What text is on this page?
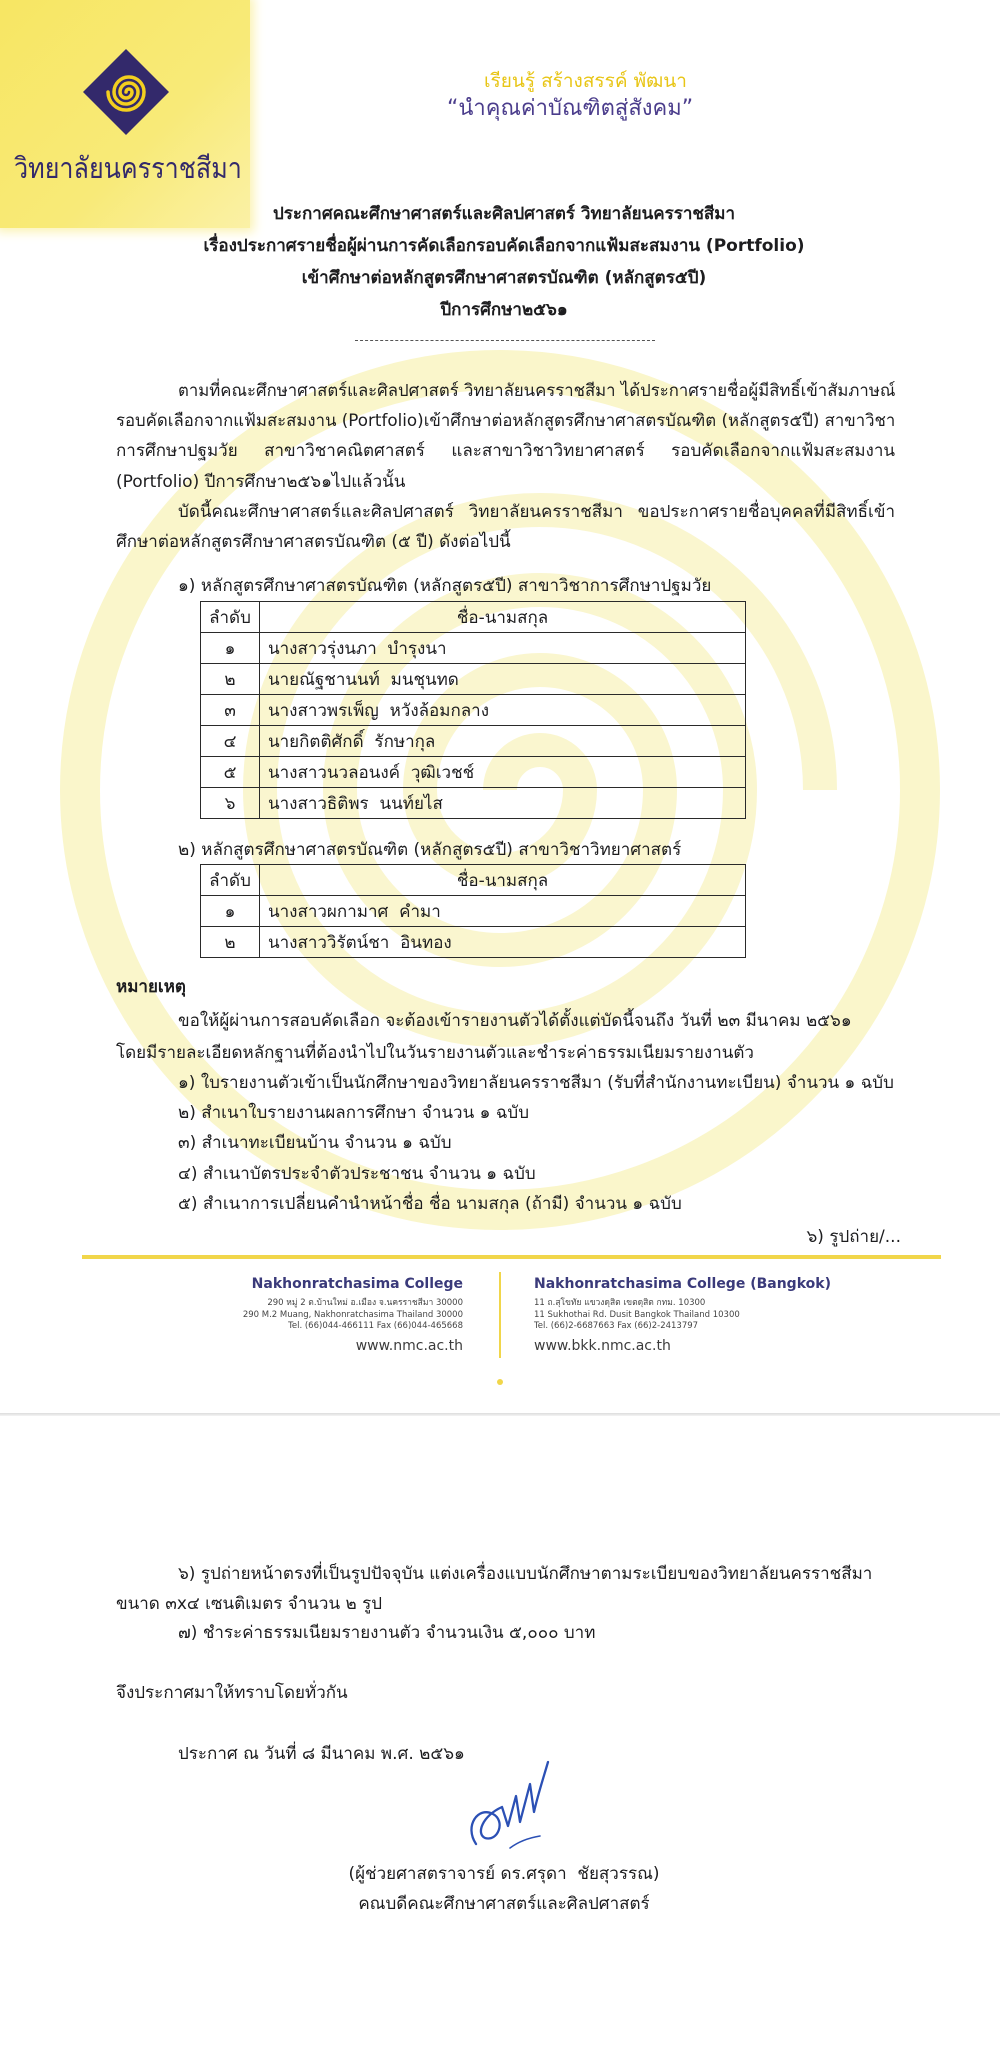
วิทยาลัยนครราชสีมา
เรียนรู้ สร้างสรรค์ พัฒนา
“นำคุณค่าบัณฑิตสู่สังคม”
ประกาศคณะศึกษาศาสตร์และศิลปศาสตร์ วิทยาลัยนครราชสีมา
เรื่องประกาศรายชื่อผู้ผ่านการคัดเลือกรอบคัดเลือกจากแฟ้มสะสมงาน (Portfolio)
เข้าศึกษาต่อหลักสูตรศึกษาศาสตรบัณฑิต (หลักสูตร๕ปี)
ปีการศึกษา๒๕๖๑
ตามที่คณะศึกษาศาสตร์และศิลปศาสตร์ วิทยาลัยนครราชสีมา ได้ประกาศรายชื่อผู้มีสิทธิ์เข้าสัมภาษณ์
รอบคัดเลือกจากแฟ้มสะสมงาน (Portfolio)เข้าศึกษาต่อหลักสูตรศึกษาศาสตรบัณฑิต (หลักสูตร๕ปี) สาขาวิชา
การศึกษาปฐมวัย สาขาวิชาคณิตศาสตร์ และสาขาวิชาวิทยาศาสตร์ รอบคัดเลือกจากแฟ้มสะสมงาน
(Portfolio) ปีการศึกษา๒๕๖๑ไปแล้วนั้น
บัดนี้คณะศึกษาศาสตร์และศิลปศาสตร์ วิทยาลัยนครราชสีมา ขอประกาศรายชื่อบุคคลที่มีสิทธิ์เข้า
ศึกษาต่อหลักสูตรศึกษาศาสตรบัณฑิต (๕ ปี) ดังต่อไปนี้
๑) หลักสูตรศึกษาศาสตรบัณฑิต (หลักสูตร๕ปี) สาขาวิชาการศึกษาปฐมวัย
ลำดับ	ชื่อ-นามสกุล
๑	นางสาวรุ่งนภา  บำรุงนา
๒	นายณัฐชานนท์  มนชุนทด
๓	นางสาวพรเพ็ญ  หวังล้อมกลาง
๔	นายกิตติศักดิ์  รักษากุล
๕	นางสาวนวลอนงค์  วุฒิเวชช์
๖	นางสาวธิติพร  นนท์ยไส
๒) หลักสูตรศึกษาศาสตรบัณฑิต (หลักสูตร๕ปี) สาขาวิชาวิทยาศาสตร์
ลำดับ	ชื่อ-นามสกุล
๑	นางสาวผกามาศ  คำมา
๒	นางสาววิรัตน์ชา  อินทอง
หมายเหตุ
ขอให้ผู้ผ่านการสอบคัดเลือก จะต้องเข้ารายงานตัวได้ตั้งแต่บัดนี้จนถึง วันที่ ๒๓ มีนาคม ๒๕๖๑
โดยมีรายละเอียดหลักฐานที่ต้องนำไปในวันรายงานตัวและชำระค่าธรรมเนียมรายงานตัว
๑) ใบรายงานตัวเข้าเป็นนักศึกษาของวิทยาลัยนครราชสีมา (รับที่สำนักงานทะเบียน) จำนวน ๑ ฉบับ
๒) สำเนาใบรายงานผลการศึกษา จำนวน ๑ ฉบับ
๓) สำเนาทะเบียนบ้าน จำนวน ๑ ฉบับ
๔) สำเนาบัตรประจำตัวประชาชน จำนวน ๑ ฉบับ
๕) สำเนาการเปลี่ยนคำนำหน้าชื่อ ชื่อ นามสกุล (ถ้ามี) จำนวน ๑ ฉบับ
๖) รูปถ่าย/...
Nakhonratchasima College
290 หมู่ 2 ต.บ้านใหม่ อ.เมือง จ.นครราชสีมา 30000
290 M.2 Muang, Nakhonratchasima Thailand 30000
Tel. (66)044-466111 Fax (66)044-465668
www.nmc.ac.th
Nakhonratchasima College (Bangkok)
11 ถ.สุโขทัย แขวงดุสิต เขตดุสิต กทม. 10300
11 Sukhothai Rd. Dusit Bangkok Thailand 10300
Tel. (66)2-6687663 Fax (66)2-2413797
www.bkk.nmc.ac.th
๖) รูปถ่ายหน้าตรงที่เป็นรูปปัจจุบัน แต่งเครื่องแบบนักศึกษาตามระเบียบของวิทยาลัยนครราชสีมา
ขนาด ๓x๔ เซนติเมตร จำนวน ๒ รูป
๗) ชำระค่าธรรมเนียมรายงานตัว จำนวนเงิน ๕,๐๐๐ บาท
จึงประกาศมาให้ทราบโดยทั่วกัน
ประกาศ ณ วันที่ ๘ มีนาคม พ.ศ. ๒๕๖๑
(ผู้ช่วยศาสตราจารย์ ดร.ศรุดา  ชัยสุวรรณ)
คณบดีคณะศึกษาศาสตร์และศิลปศาสตร์
